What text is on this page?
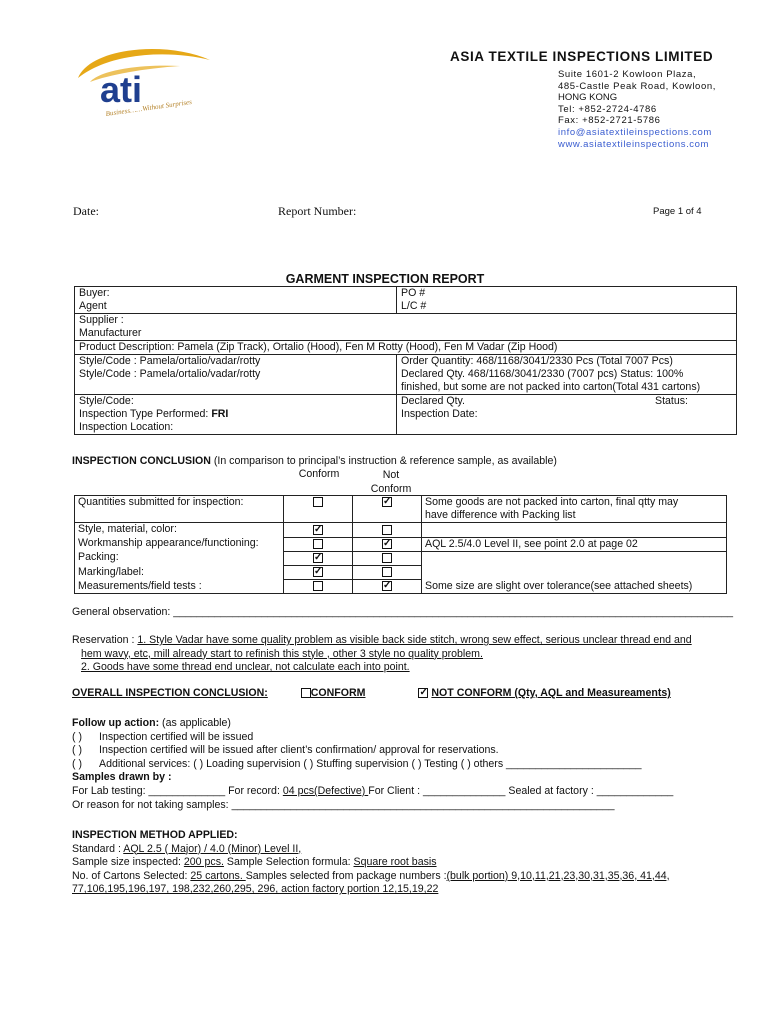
ati
Business……Without Surprises
ASIA TEXTILE INSPECTIONS LIMITED
Suite 1601-2 Kowloon Plaza,
485-Castle Peak Road, Kowloon,
HONG KONG
Tel: +852-2724-4786
Fax: +852-2721-5786
info@asiatextileinspections.com
www.asiatextileinspections.com
Date:	Report Number:	Page 1 of 4
GARMENT INSPECTION REPORT
Buyer:	PO #
Agent	L/C #
Supplier :	
Manufacturer	
Product Description: Pamela (Zip Track), Ortalio (Hood), Fen M Rotty (Hood), Fen M Vadar (Zip Hood)	
Style/Code : Pamela/ortalio/vadar/rotty	Order Quantity: 468/1168/3041/2330 Pcs (Total 7007 Pcs)
Style/Code : Pamela/ortalio/vadar/rotty	Declared Qty. 468/1168/3041/2330 (7007 pcs) Status: 100%
finished, but some are not packed into carton(Total 431 cartons)

Style/Code:	Declared Qty. Status:

Inspection Type Performed: FRI	Inspection Date:
Inspection Location:	
INSPECTION CONCLUSION (In comparison to principal’s instruction & reference sample, as available)
Conform	Not
Conform
Quantities submitted for inspection:		✓	Some goods are not packed into carton, final qtty may
have difference with Packing list

Style, material, color:	✓		
Workmanship appearance/functioning:		✓	AQL 2.5/4.0 Level II, see point 2.0 at page 02
Packing:	✓		
Marking/label:	✓		
Measurements/field tests :		✓	Some size are slight over tolerance(see attached sheets)
General observation: _______________________________________________________________________________________________
Reservation : 1. Style Vadar have some quality problem as visible back side stitch, wrong sew effect, serious unclear thread end and
hem wavy, etc, mill already start to refinish this style , other 3 style no quality problem.
2. Goods have some thread end unclear, not calculate each into point.
OVERALL INSPECTION CONCLUSION:	CONFORM ✓	NOT CONFORM (Qty, AQL and Measureaments)
Follow up action: (as applicable)
( ) Inspection certified will be issued
( ) Inspection certified will be issued after client’s confirmation/ approval for reservations.
( ) Additional services: ( ) Loading supervision ( ) Stuffing supervision ( ) Testing ( ) others _______________________
Samples drawn by :
For Lab testing: _____________ For record: 04 pcs(Defective) For Client : ______________ Sealed at factory : _____________
Or reason for not taking samples: _________________________________________________________________
INSPECTION METHOD APPLIED:
Standard : AQL 2.5 ( Major) / 4.0 (Minor) Level II,
Sample size inspected: 200 pcs. Sample Selection formula: Square root basis
No. of Cartons Selected: 25 cartons. Samples selected from package numbers :(bulk portion) 9,10,11,21,23,30,31,35,36, 41,44,
77,106,195,196,197, 198,232,260,295, 296, action factory portion 12,15,19,22
